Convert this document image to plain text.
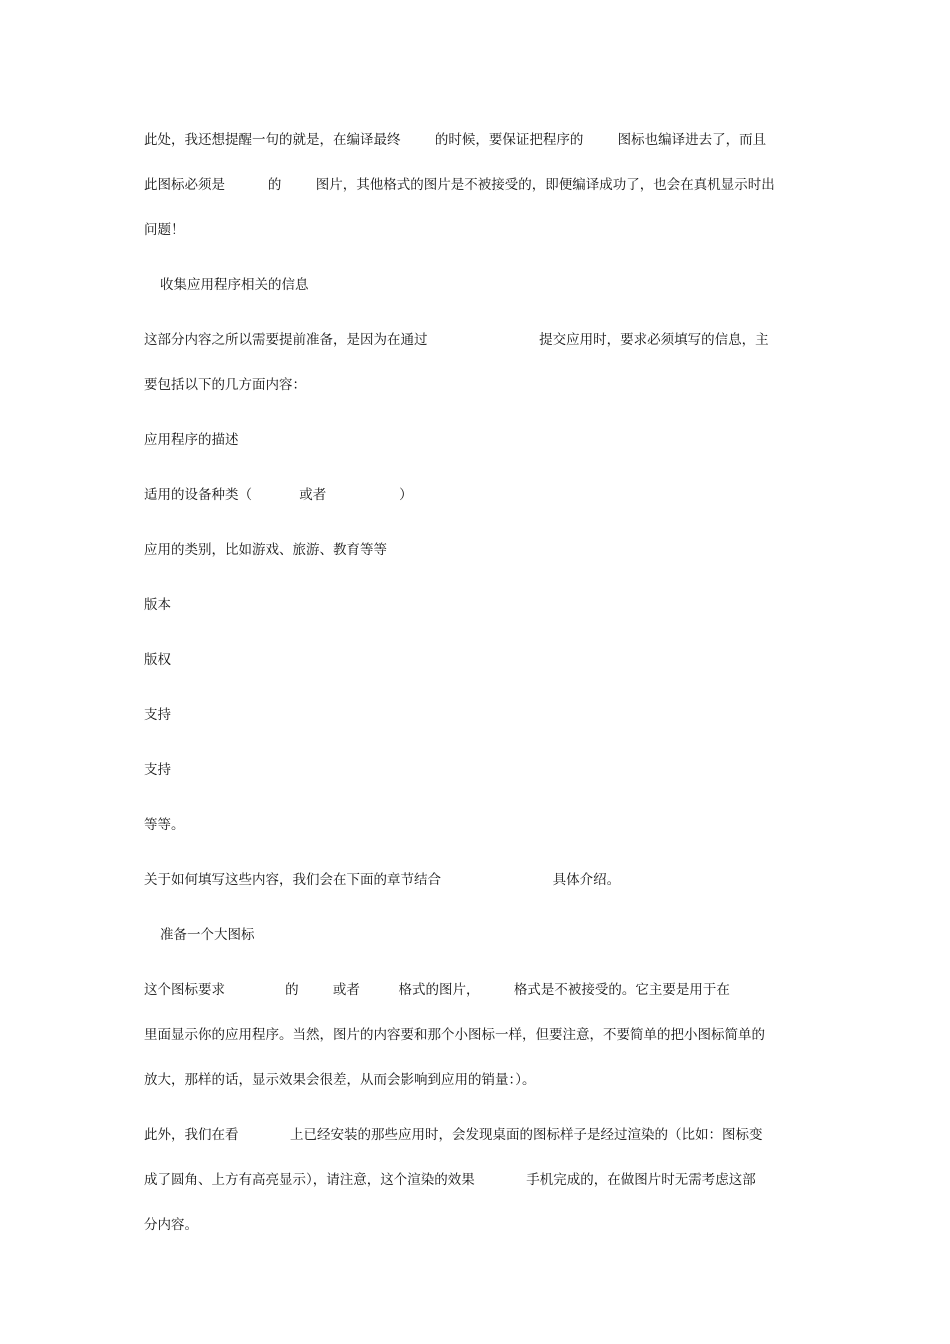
此处，我还想提醒一句的就是，在编译最终        的时候，要保证把程序的        图标也编译进去了，而且

此图标必须是          的        图片，其他格式的图片是不被接受的，即便编译成功了，也会在真机显示时出

问题！

收集应用程序相关的信息

这部分内容之所以需要提前准备，是因为在通过                          提交应用时，要求必须填写的信息，主

要包括以下的几方面内容：

应用程序的描述

适用的设备种类（           或者                 ）

应用的类别，比如游戏、旅游、教育等等

版本

版权

支持

支持

等等。

关于如何填写这些内容，我们会在下面的章节结合                          具体介绍。

准备一个大图标

这个图标要求              的        或者         格式的图片，        格式是不被接受的。它主要是用于在

里面显示你的应用程序。当然，图片的内容要和那个小图标一样，但要注意，不要简单的把小图标简单的

放大，那样的话，显示效果会很差，从而会影响到应用的销量：）。

此外，我们在看            上已经安装的那些应用时，会发现桌面的图标样子是经过渲染的（比如：图标变

成了圆角、上方有高亮显示），请注意，这个渲染的效果            手机完成的，在做图片时无需考虑这部

分内容。
